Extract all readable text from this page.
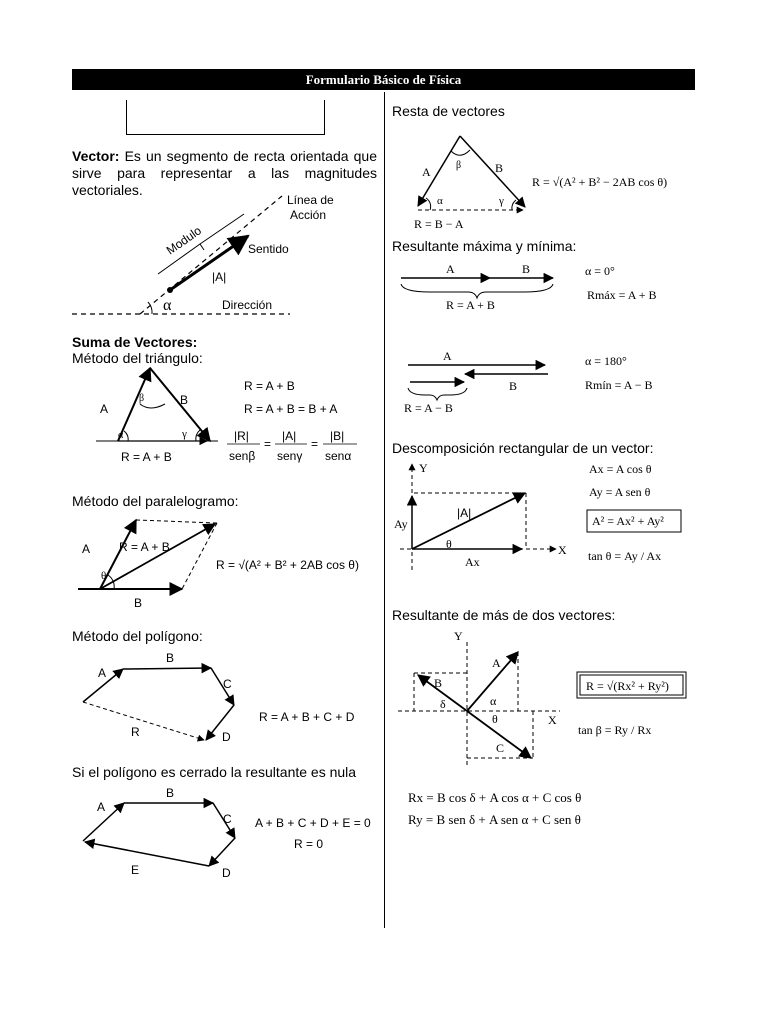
Formulario Básico de Física
Vector: Es un segmento de recta orientada que sirve para representar a las magnitudes vectoriales.
Suma de Vectores:
Método del triángulo:
Método del paralelogramo:
Método del polígono:
Si el polígono es cerrado la resultante es nula
Resta de vectores
Resultante máxima y mínima:
Descomposición rectangular de un vector:
Resultante de más de dos vectores:
Línea de
Acción
Modulo	Sentido
|A|
α	Dirección
A
B
β
γ
α
R = A + B
R = A + B
R = A + B = B + A
|R|
senβ
=
|A|
senγ
=
|B|
senα
A R = A + B
θ
B
R = √(A² + B² + 2AB cos θ)
A
B
C
D
R
R = A + B + C + D
A
B
C
D
E
A + B + C + D + E = 0
R = 0
A	B
β
α	γ
R = B − A
R = √(A² + B² − 2AB cos θ)
A	B
R = A + B
α = 0°
Rmáx = A + B
A
B
R = A − B
α = 180°
Rmín = A − B
Y
X
Ay
Ax
|A|
θ
Ax = A cos θ
Ay = A sen θ
A² = Ax² + Ay²
tan θ = Ay / Ax
Y
X
A
B
C
α
δ
θ
R = √(Rx² + Ry²)
tan β = Ry / Rx
Rx = B cos δ + A cos α + C cos θ
Ry = B sen δ + A sen α + C sen θ
